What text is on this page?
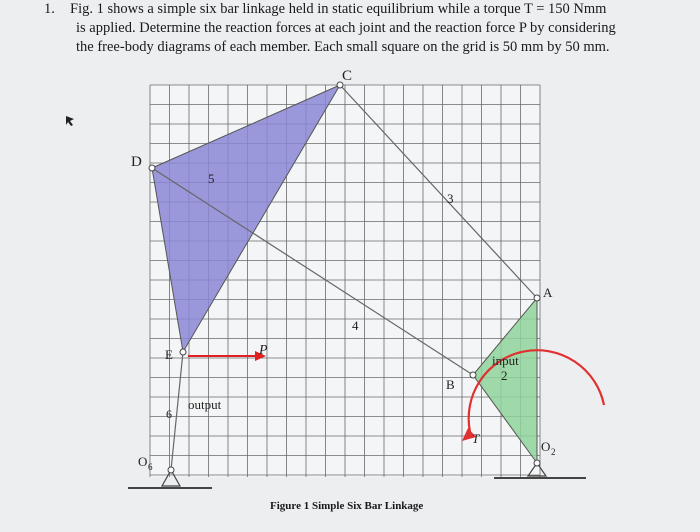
1.	Fig. 1 shows a simple six bar linkage held in static equilibrium while a torque T = 150 Nmm
is applied. Determine the reaction forces at each joint and the reaction force P by considering
the free-body diagrams of each member. Each small square on the grid is 50 mm by 50 mm.
C
D
E
A
B
O 2
O 6
5
3
4
2
6
input
output
P
T
Figure 1 Simple Six Bar Linkage
